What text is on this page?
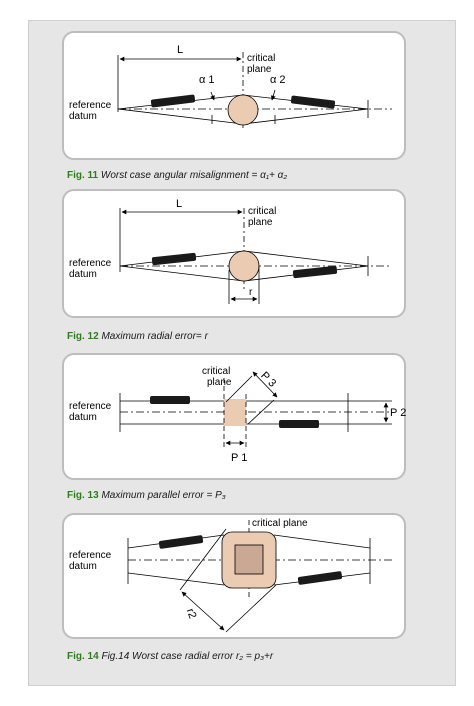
Fig. 11 Worst case angular misalignment = α₁+ α₂
Fig. 12 Maximum radial error= r
Fig. 13 Maximum parallel error = P₃
Fig. 14 Fig.14 Worst case radial error r₂ = p₃+r
L
critical
plane
α 1	α 2
reference
datum
L
critical
plane
r
reference
datum
critical
plane P 3
P 1
P 2
reference
datum
critical plane
r2
reference
datum
